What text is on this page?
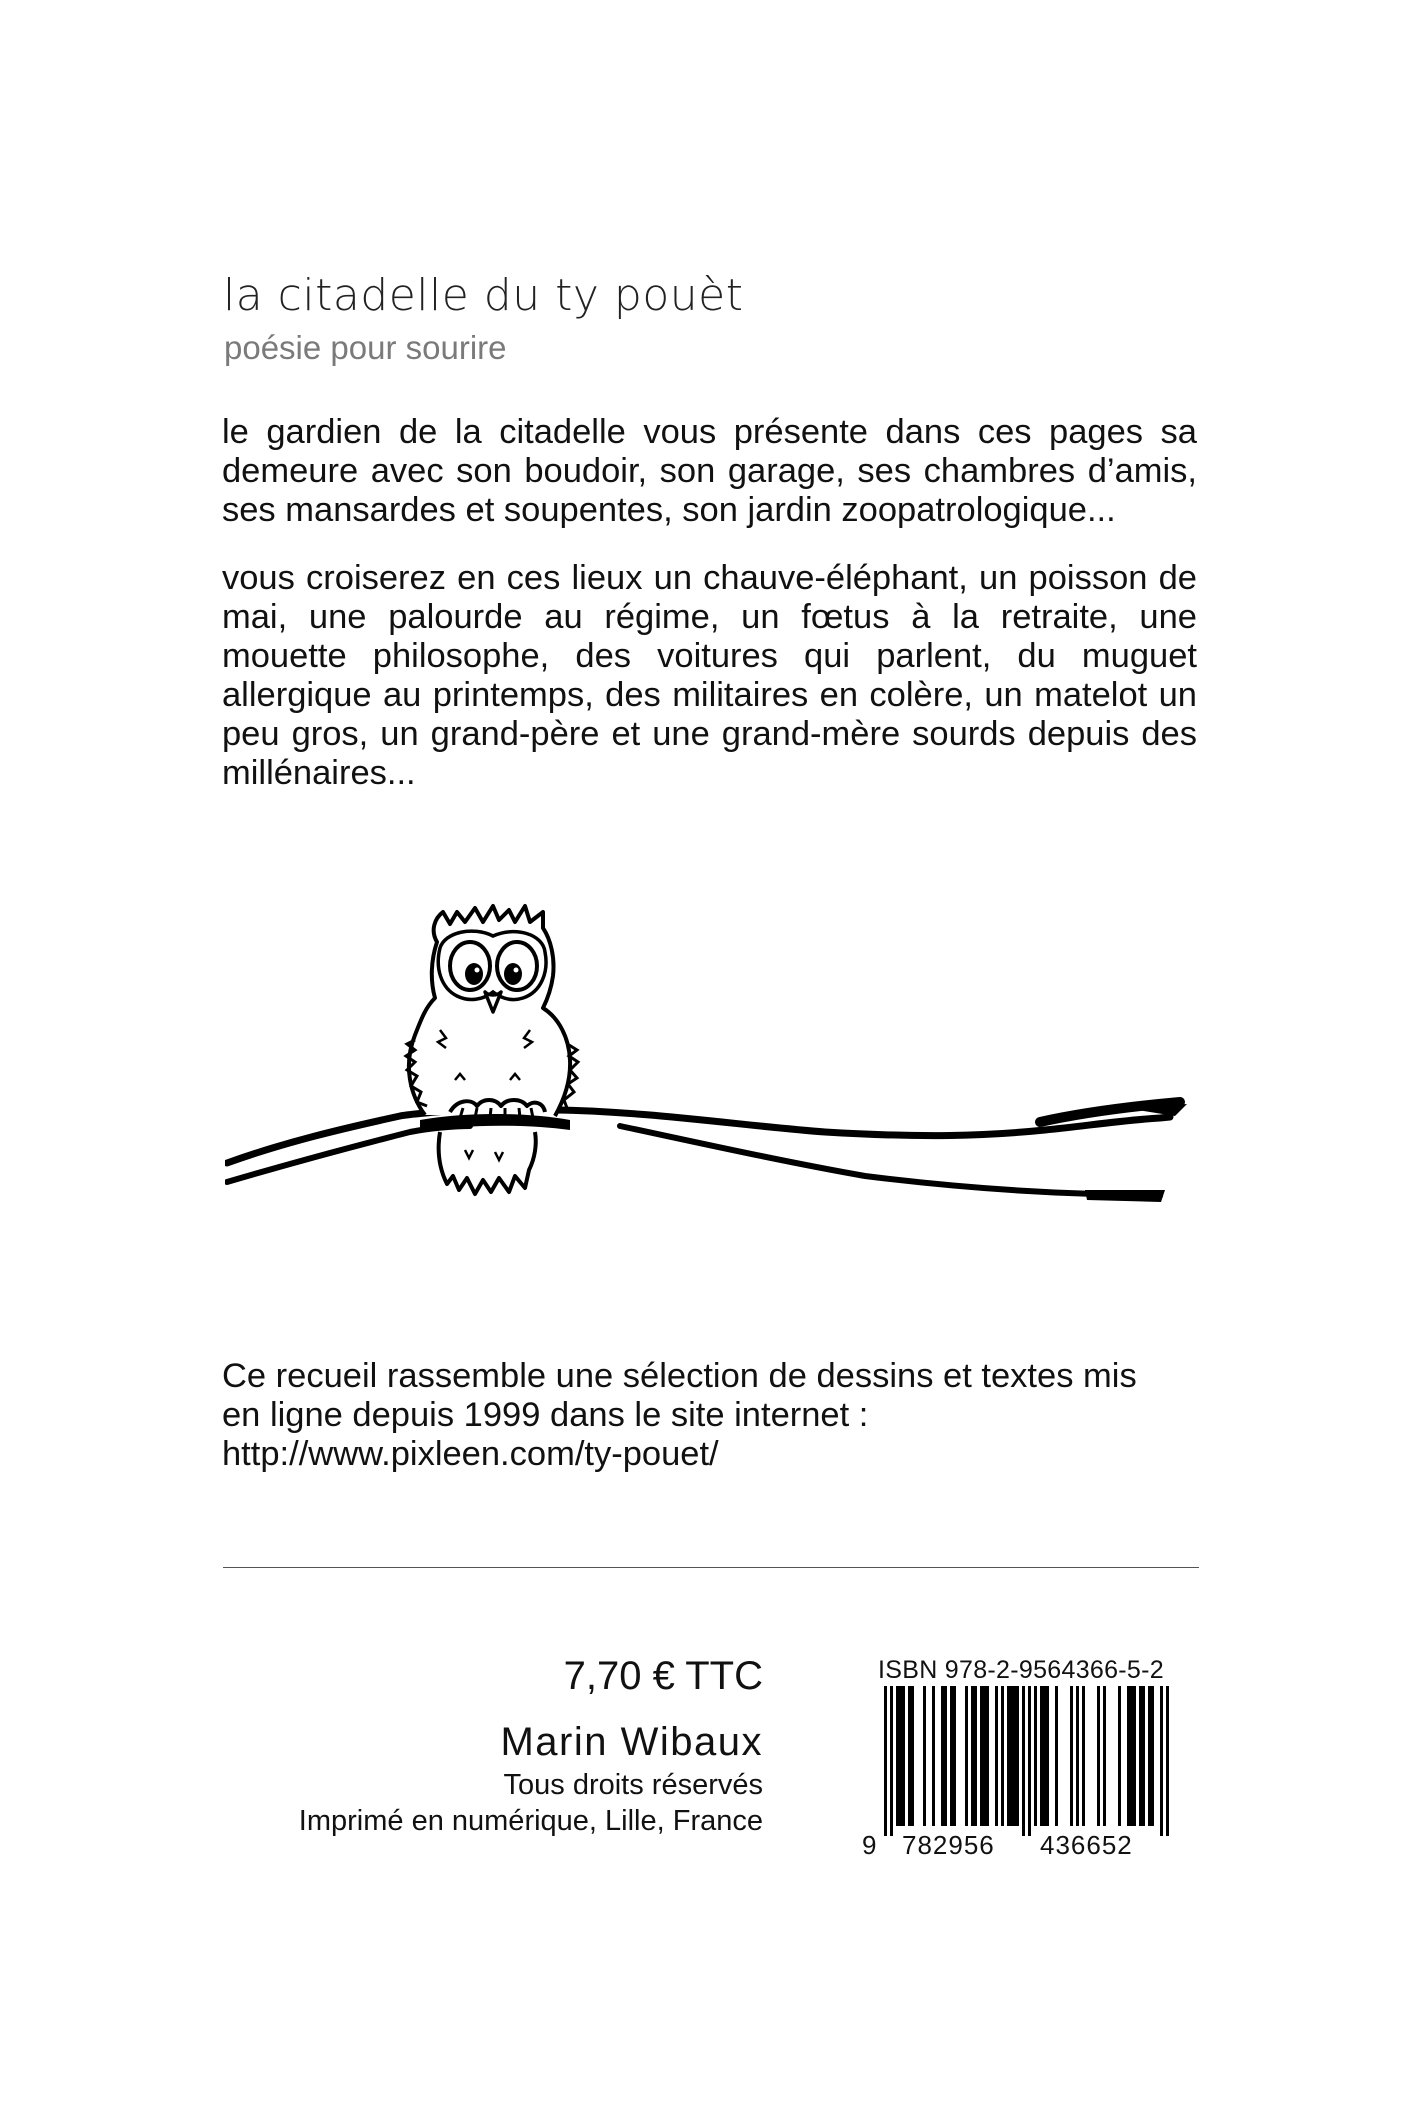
la citadelle du ty pouèt
poésie pour sourire

le gardien de la citadelle vous présente dans ces pages sa demeure avec son boudoir, son garage, ses chambres d’amis, ses mansardes et soupentes, son jardin zoopatrologique...

vous croiserez en ces lieux un chauve-éléphant, un poisson de mai, une palourde au régime, un fœtus à la retraite, une mouette philosophe, des voitures qui parlent, du muguet allergique au printemps, des militaires en colère, un matelot un peu gros, un grand-père et une grand-mère sourds depuis des millénaires...

Ce recueil rassemble une sélection de dessins et textes mis
en ligne depuis 1999 dans le site internet :
http://www.pixleen.com/ty-pouet/

7,70 € TTC
Marin Wibaux
Tous droits réservés
Imprimé en numérique, Lille, France
ISBN 978-2-9564366-5-2
9 782956 436652
